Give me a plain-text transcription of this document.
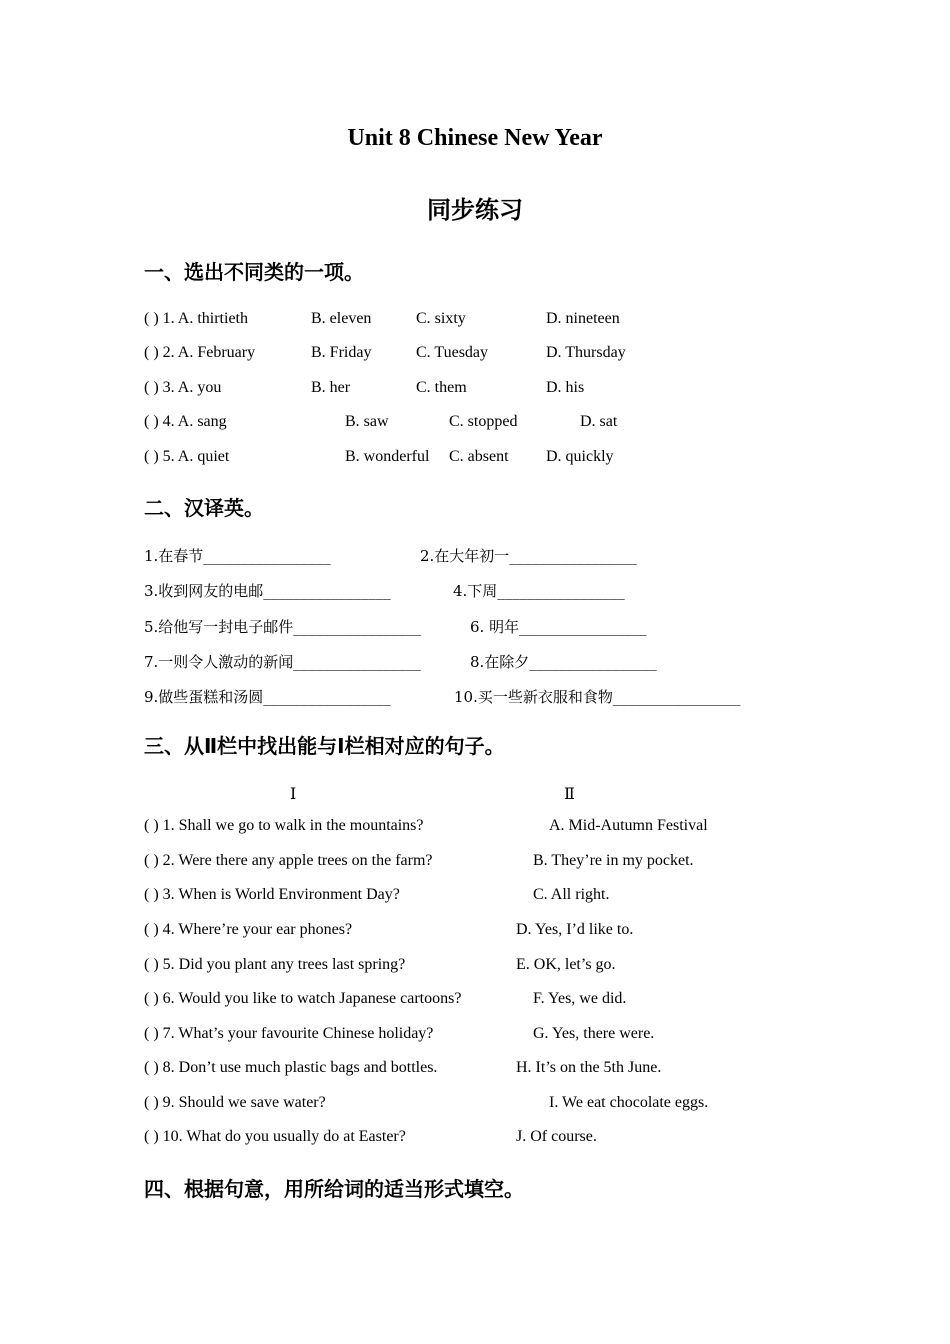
Unit 8 Chinese New Year
同步练习
一、选出不同类的一项。
( ) 1. A. thirtieth	B. eleven	C. sixty	D. nineteen
( ) 2. A. February	B. Friday	C. Tuesday	D. Thursday
( ) 3. A. you	B. her	C. them	D. his
( ) 4. A. sang	B. saw	C. stopped	D. sat
( ) 5. A. quiet	B. wonderful C. absent D. quickly
二、汉译英。
1.在春节_________________	2.在大年初一_________________
3.收到网友的电邮_________________	4.下周_________________
5.给他写一封电子邮件_________________	6. 明年_________________
7.一则令人激动的新闻_________________	8.在除夕_________________
9.做些蛋糕和汤圆_________________	10.买一些新衣服和食物_________________
三、从Ⅱ栏中找出能与Ⅰ栏相对应的句子。
Ⅰ	Ⅱ
( ) 1. Shall we go to walk in the mountains?	A. Mid-Autumn Festival
( ) 2. Were there any apple trees on the farm?	B. They’re in my pocket.
( ) 3. When is World Environment Day?	C. All right.
( ) 4. Where’re your ear phones?	D. Yes, I’d like to.
( ) 5. Did you plant any trees last spring?	E. OK, let’s go.
( ) 6. Would you like to watch Japanese cartoons?	F. Yes, we did.
( ) 7. What’s your favourite Chinese holiday?	G. Yes, there were.
( ) 8. Don’t use much plastic bags and bottles.	H. It’s on the 5th June.
( ) 9. Should we save water?	I. We eat chocolate eggs.
( ) 10. What do you usually do at Easter?	J. Of course.
四、根据句意，用所给词的适当形式填空。
